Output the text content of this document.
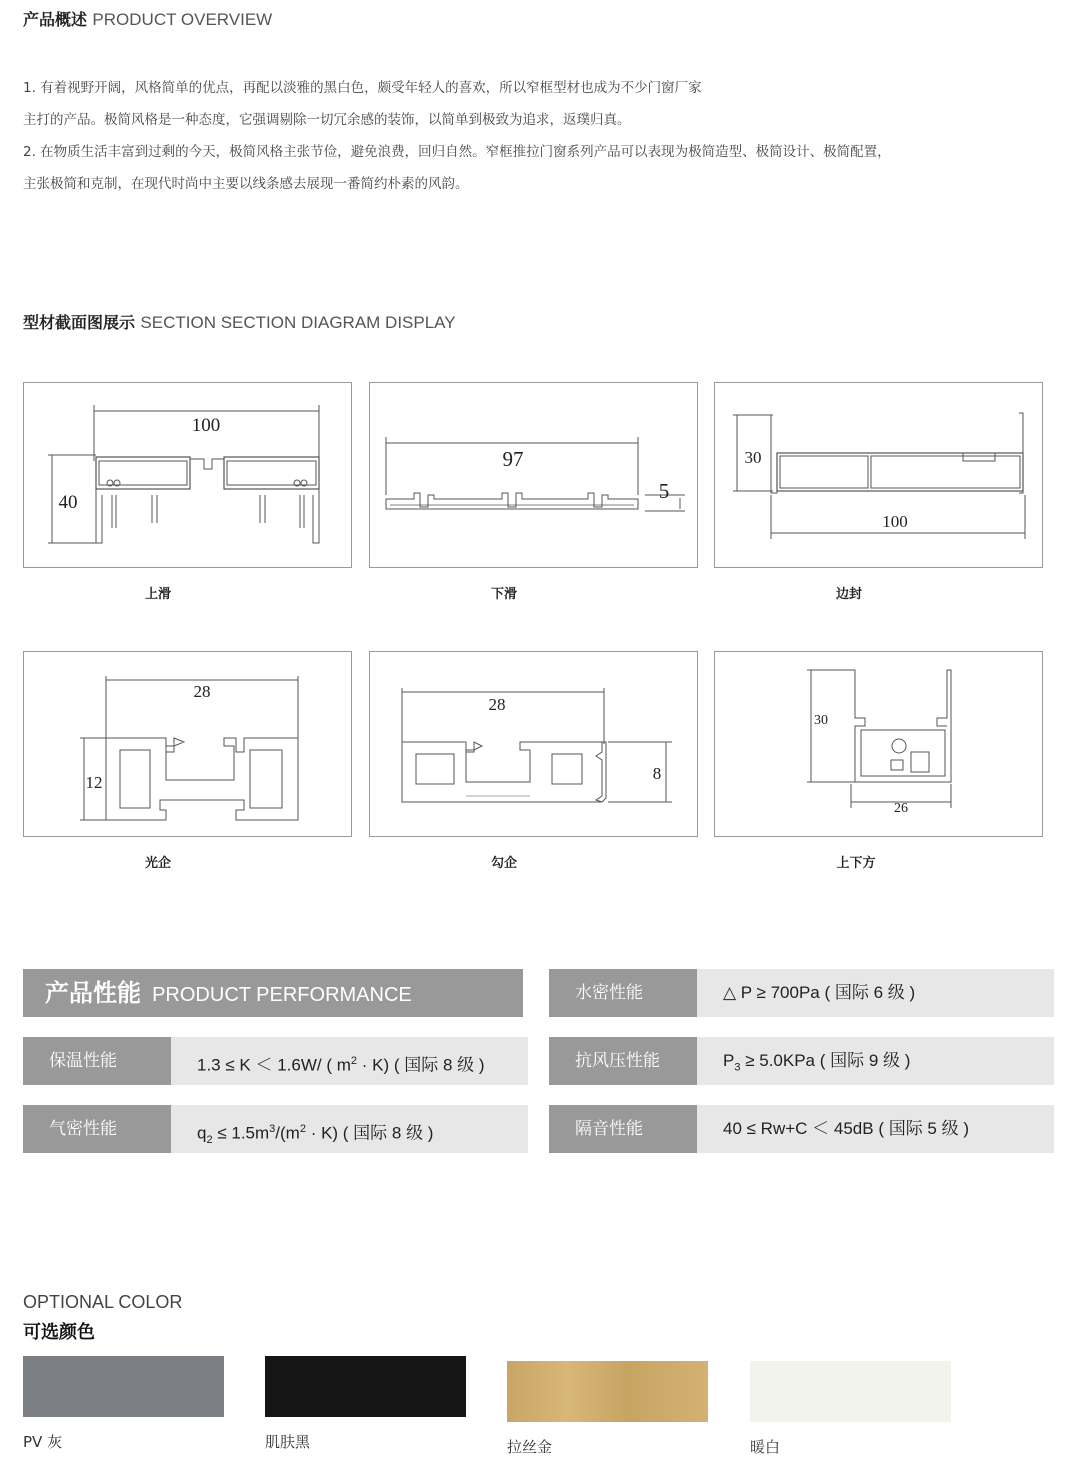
产品概述 PRODUCT OVERVIEW
1. 有着视野开阔，风格简单的优点，再配以淡雅的黑白色，颇受年轻人的喜欢，所以窄框型材也成为不少门窗厂家
主打的产品。极简风格是一种态度，它强调剔除一切冗余感的装饰，以简单到极致为追求，返璞归真。
2. 在物质生活丰富到过剩的今天，极简风格主张节俭，避免浪费，回归自然。窄框推拉门窗系列产品可以表现为极简造型、极简设计、极简配置，
主张极简和克制，在现代时尚中主要以线条感去展现一番简约朴素的风韵。
型材截面图展示 SECTION SECTION DIAGRAM DISPLAY
100
40
上滑
97
5
下滑
30
100
边封
28
12
光企
28
8
勾企
30
26
上下方
产品性能 PRODUCT PERFORMANCE	水密性能	△ P ≥ 700Pa ( 国际 6 级 )
保温性能	1.3 ≤ K ＜ 1.6W/ ( $m^2 \cdot K$) ( 国际 8 级 )	抗风压性能	$P_3 \ge 5.0KPa$ ( 国际 9 级 )
气密性能	$q_2 \le 1.5m^3/(m^2 \cdot K)$ ( 国际 8 级 )	隔音性能	40 ≤ Rw+C ＜ 45dB ( 国际 5 级 )
OPTIONAL COLOR
可选颜色
PV 灰	肌肤黑	拉丝金	暖白
